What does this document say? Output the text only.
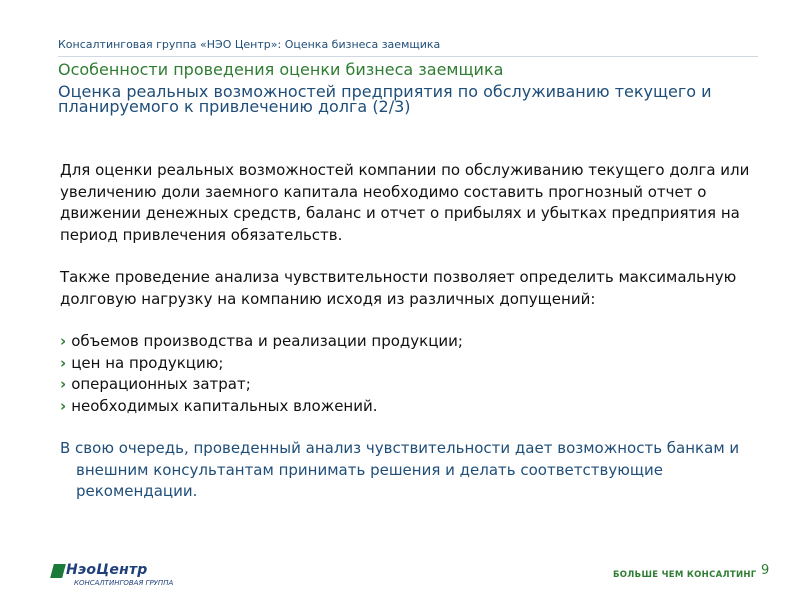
Консалтинговая группа «НЭО Центр»: Оценка бизнеса заемщика
Особенности проведения оценки бизнеса заемщика
Оценка реальных возможностей предприятия по обслуживанию текущего и планируемого к привлечению долга (2/3)

Для оценки реальных возможностей компании по обслуживанию текущего долга или увеличению доли заемного капитала необходимо составить прогнозный отчет о движении денежных средств, баланс и отчет о прибылях и убытках предприятия на период привлечения обязательств.

Также проведение анализа чувствительности позволяет определить максимальную долговую нагрузку на компанию исходя из различных допущений:

› объемов производства и реализации продукции;
› цен на продукцию;
› операционных затрат;
› необходимых капитальных вложений.

В свою очередь, проведенный анализ чувствительности дает возможность банкам и внешним консультантам принимать решения и делать соответствующие рекомендации.

НэоЦентр
КОНСАЛТИНГОВАЯ ГРУППА
БОЛЬШЕ ЧЕМ КОНСАЛТИНГ 9
